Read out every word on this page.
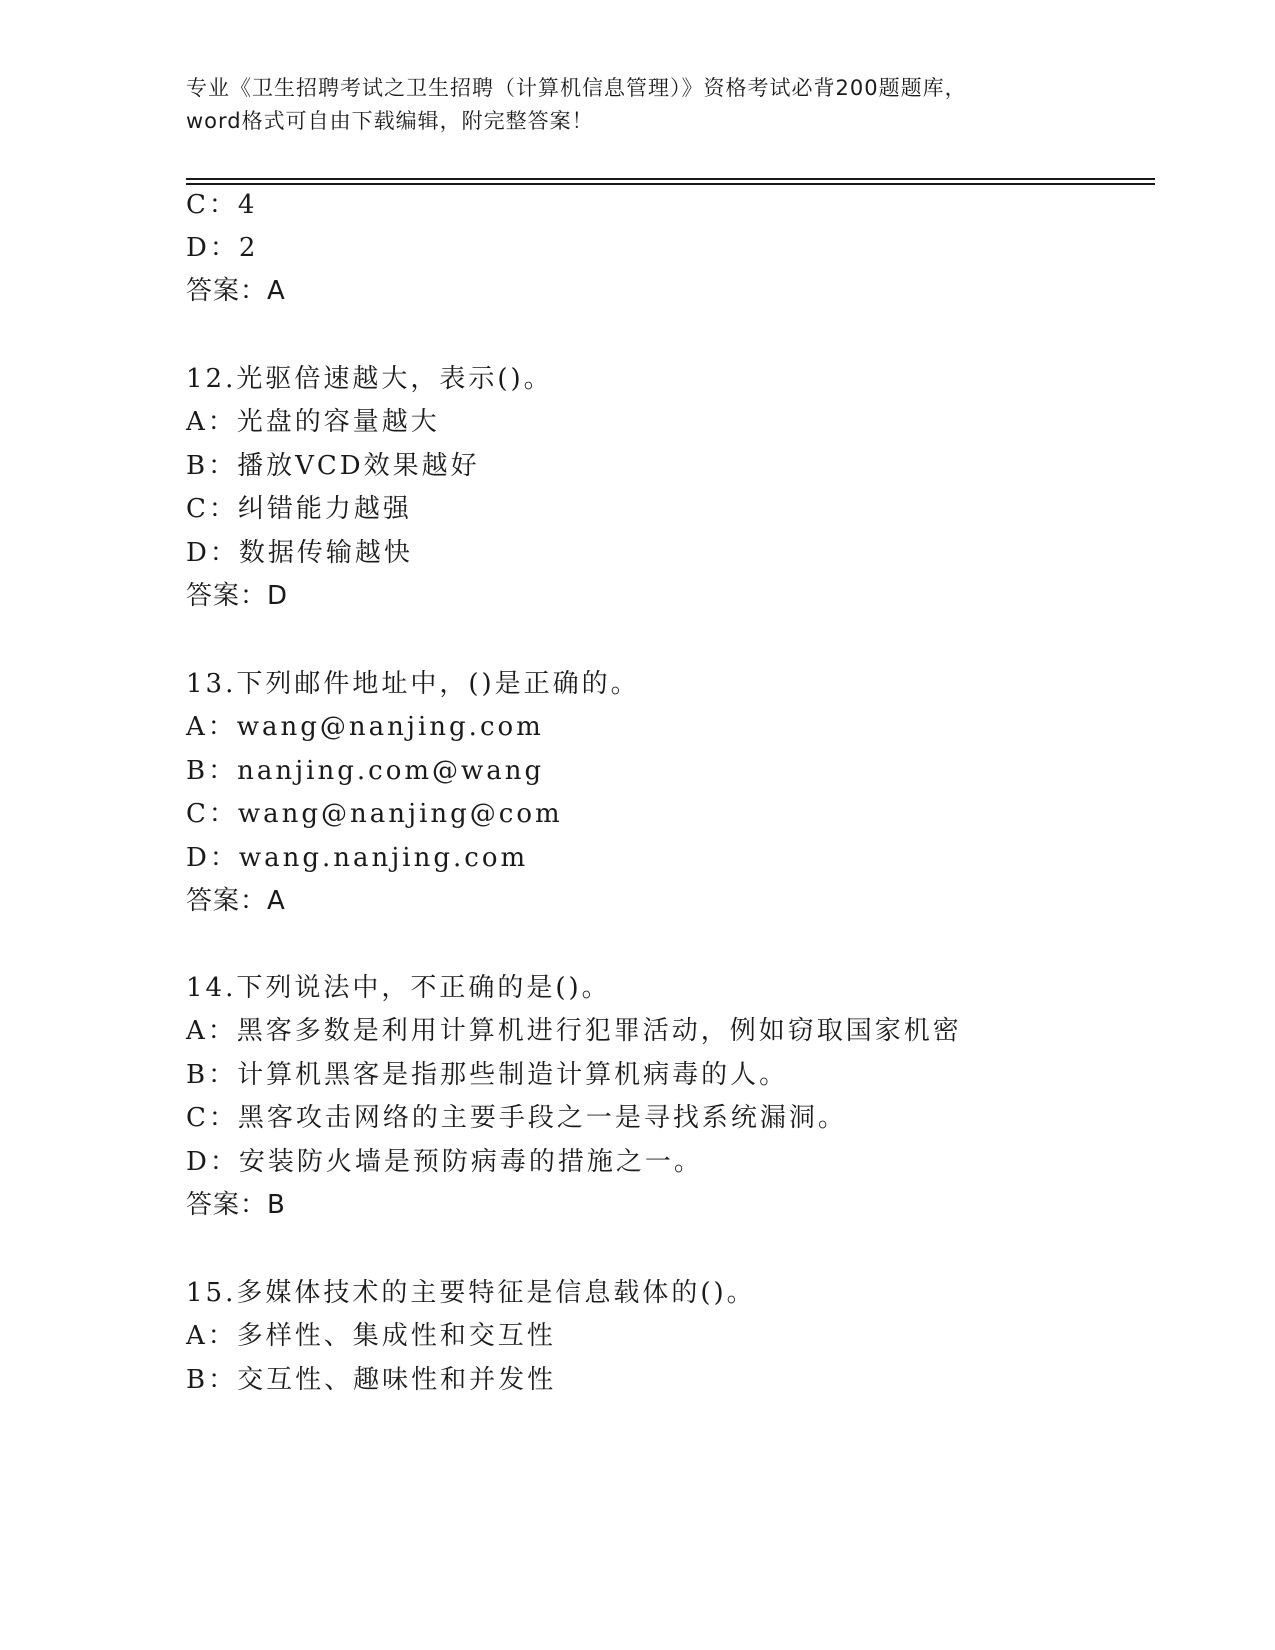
专业《卫生招聘考试之卫生招聘（计算机信息管理）》资格考试必背200题题库，
word格式可自由下载编辑，附完整答案！
C：4
D：2
答案：A
12.光驱倍速越大，表示()。
A：光盘的容量越大
B：播放VCD效果越好
C：纠错能力越强
D：数据传输越快
答案：D
13.下列邮件地址中，()是正确的。
A：wang@nanjing.com
B：nanjing.com@wang
C：wang@nanjing@com
D：wang.nanjing.com
答案：A
14.下列说法中，不正确的是()。
A：黑客多数是利用计算机进行犯罪活动，例如窃取国家机密
B：计算机黑客是指那些制造计算机病毒的人。
C：黑客攻击网络的主要手段之一是寻找系统漏洞。
D：安装防火墙是预防病毒的措施之一。
答案：B
15.多媒体技术的主要特征是信息载体的()。
A：多样性、集成性和交互性
B：交互性、趣味性和并发性
